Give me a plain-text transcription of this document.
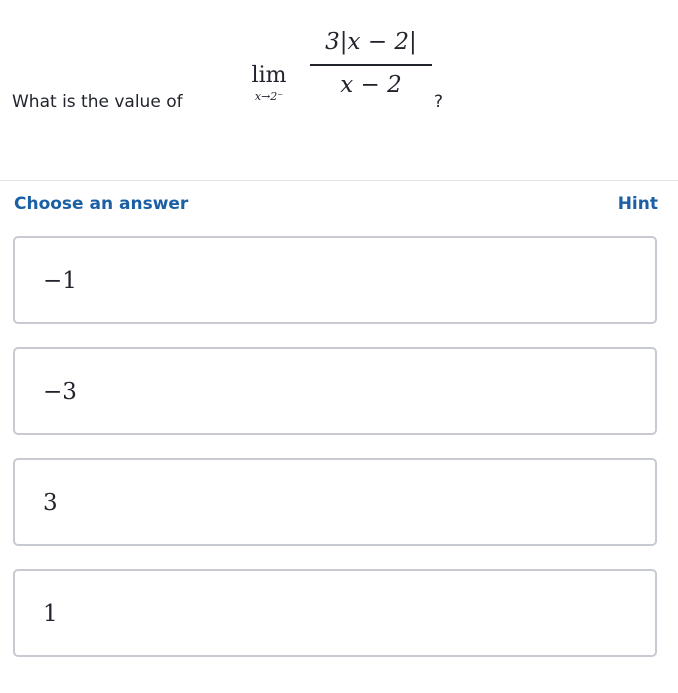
What is the value of
lim
x→2⁻
3|x − 2|
x − 2
?
Choose an answer	Hint
−1
−3
3
1
